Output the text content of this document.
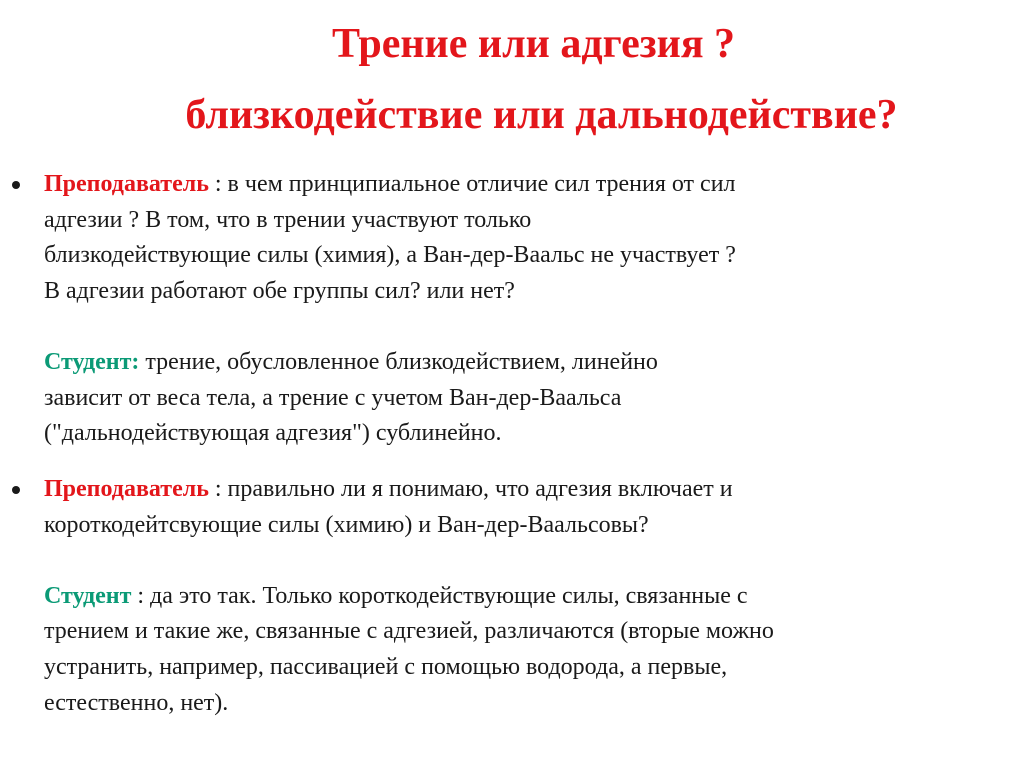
Трение или адгезия ?
близкодействие или дальнодействие?

Преподаватель : в чем принципиальное отличие сил трения от сил
адгезии ? В том, что в трении участвуют только
близкодействующие силы (химия), а Ван-дер-Ваальс не участвует ?
В адгезии работают обе группы сил? или нет?

Студент: трение, обусловленное близкодействием, линейно
зависит от веса тела, а трение с учетом Ван-дер-Ваальса
("дальнодействующая адгезия") сублинейно.

Преподаватель : правильно ли я понимаю, что адгезия включает и
короткодейтсвующие силы (химию) и Ван-дер-Ваальсовы?

Студент : да это так. Только короткодействующие силы, связанные с
трением и такие же, связанные с адгезией, различаются (вторые можно
устранить, например, пассивацией с помощью водорода, а первые,
естественно, нет).
